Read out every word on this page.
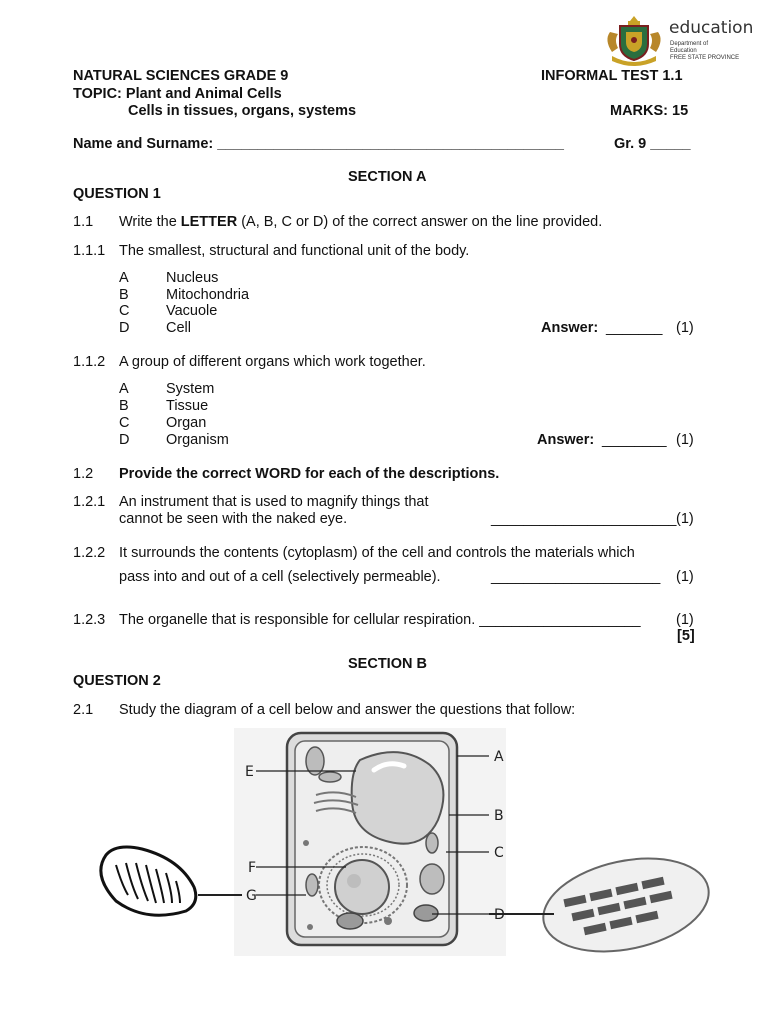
education
Department of
Education
FREE STATE PROVINCE
NATURAL SCIENCES GRADE 9	INFORMAL TEST 1.1
TOPIC: Plant and Animal Cells
Cells in tissues, organs, systems	MARKS: 15
Name and Surname: ___________________________________________	Gr. 9 _____
SECTION A
QUESTION 1
1.1 Write the LETTER (A, B, C or D) of the correct answer on the line provided.
1.1.1 The smallest, structural and functional unit of the body.
A	Nucleus
B	Mitochondria
C	Vacuole
D	Cell	Answer: _______ (1)
1.1.2 A group of different organs which work together.
A	System
B	Tissue
C	Organ
D	Organism	Answer: ________ (1)
1.2 Provide the correct WORD for each of the descriptions.
1.2.1 An instrument that is used to magnify things that
cannot be seen with the naked eye.	_______________________ (1)
1.2.2 It surrounds the contents (cytoplasm) of the cell and controls the materials which
pass into and out of a cell (selectively permeable).	_____________________ (1)
1.2.3 The organelle that is responsible for cellular respiration. ____________________ (1)
[5]
SECTION B
QUESTION 2
2.1 Study the diagram of a cell below and answer the questions that follow:
A
B
C
D
E
F
G
